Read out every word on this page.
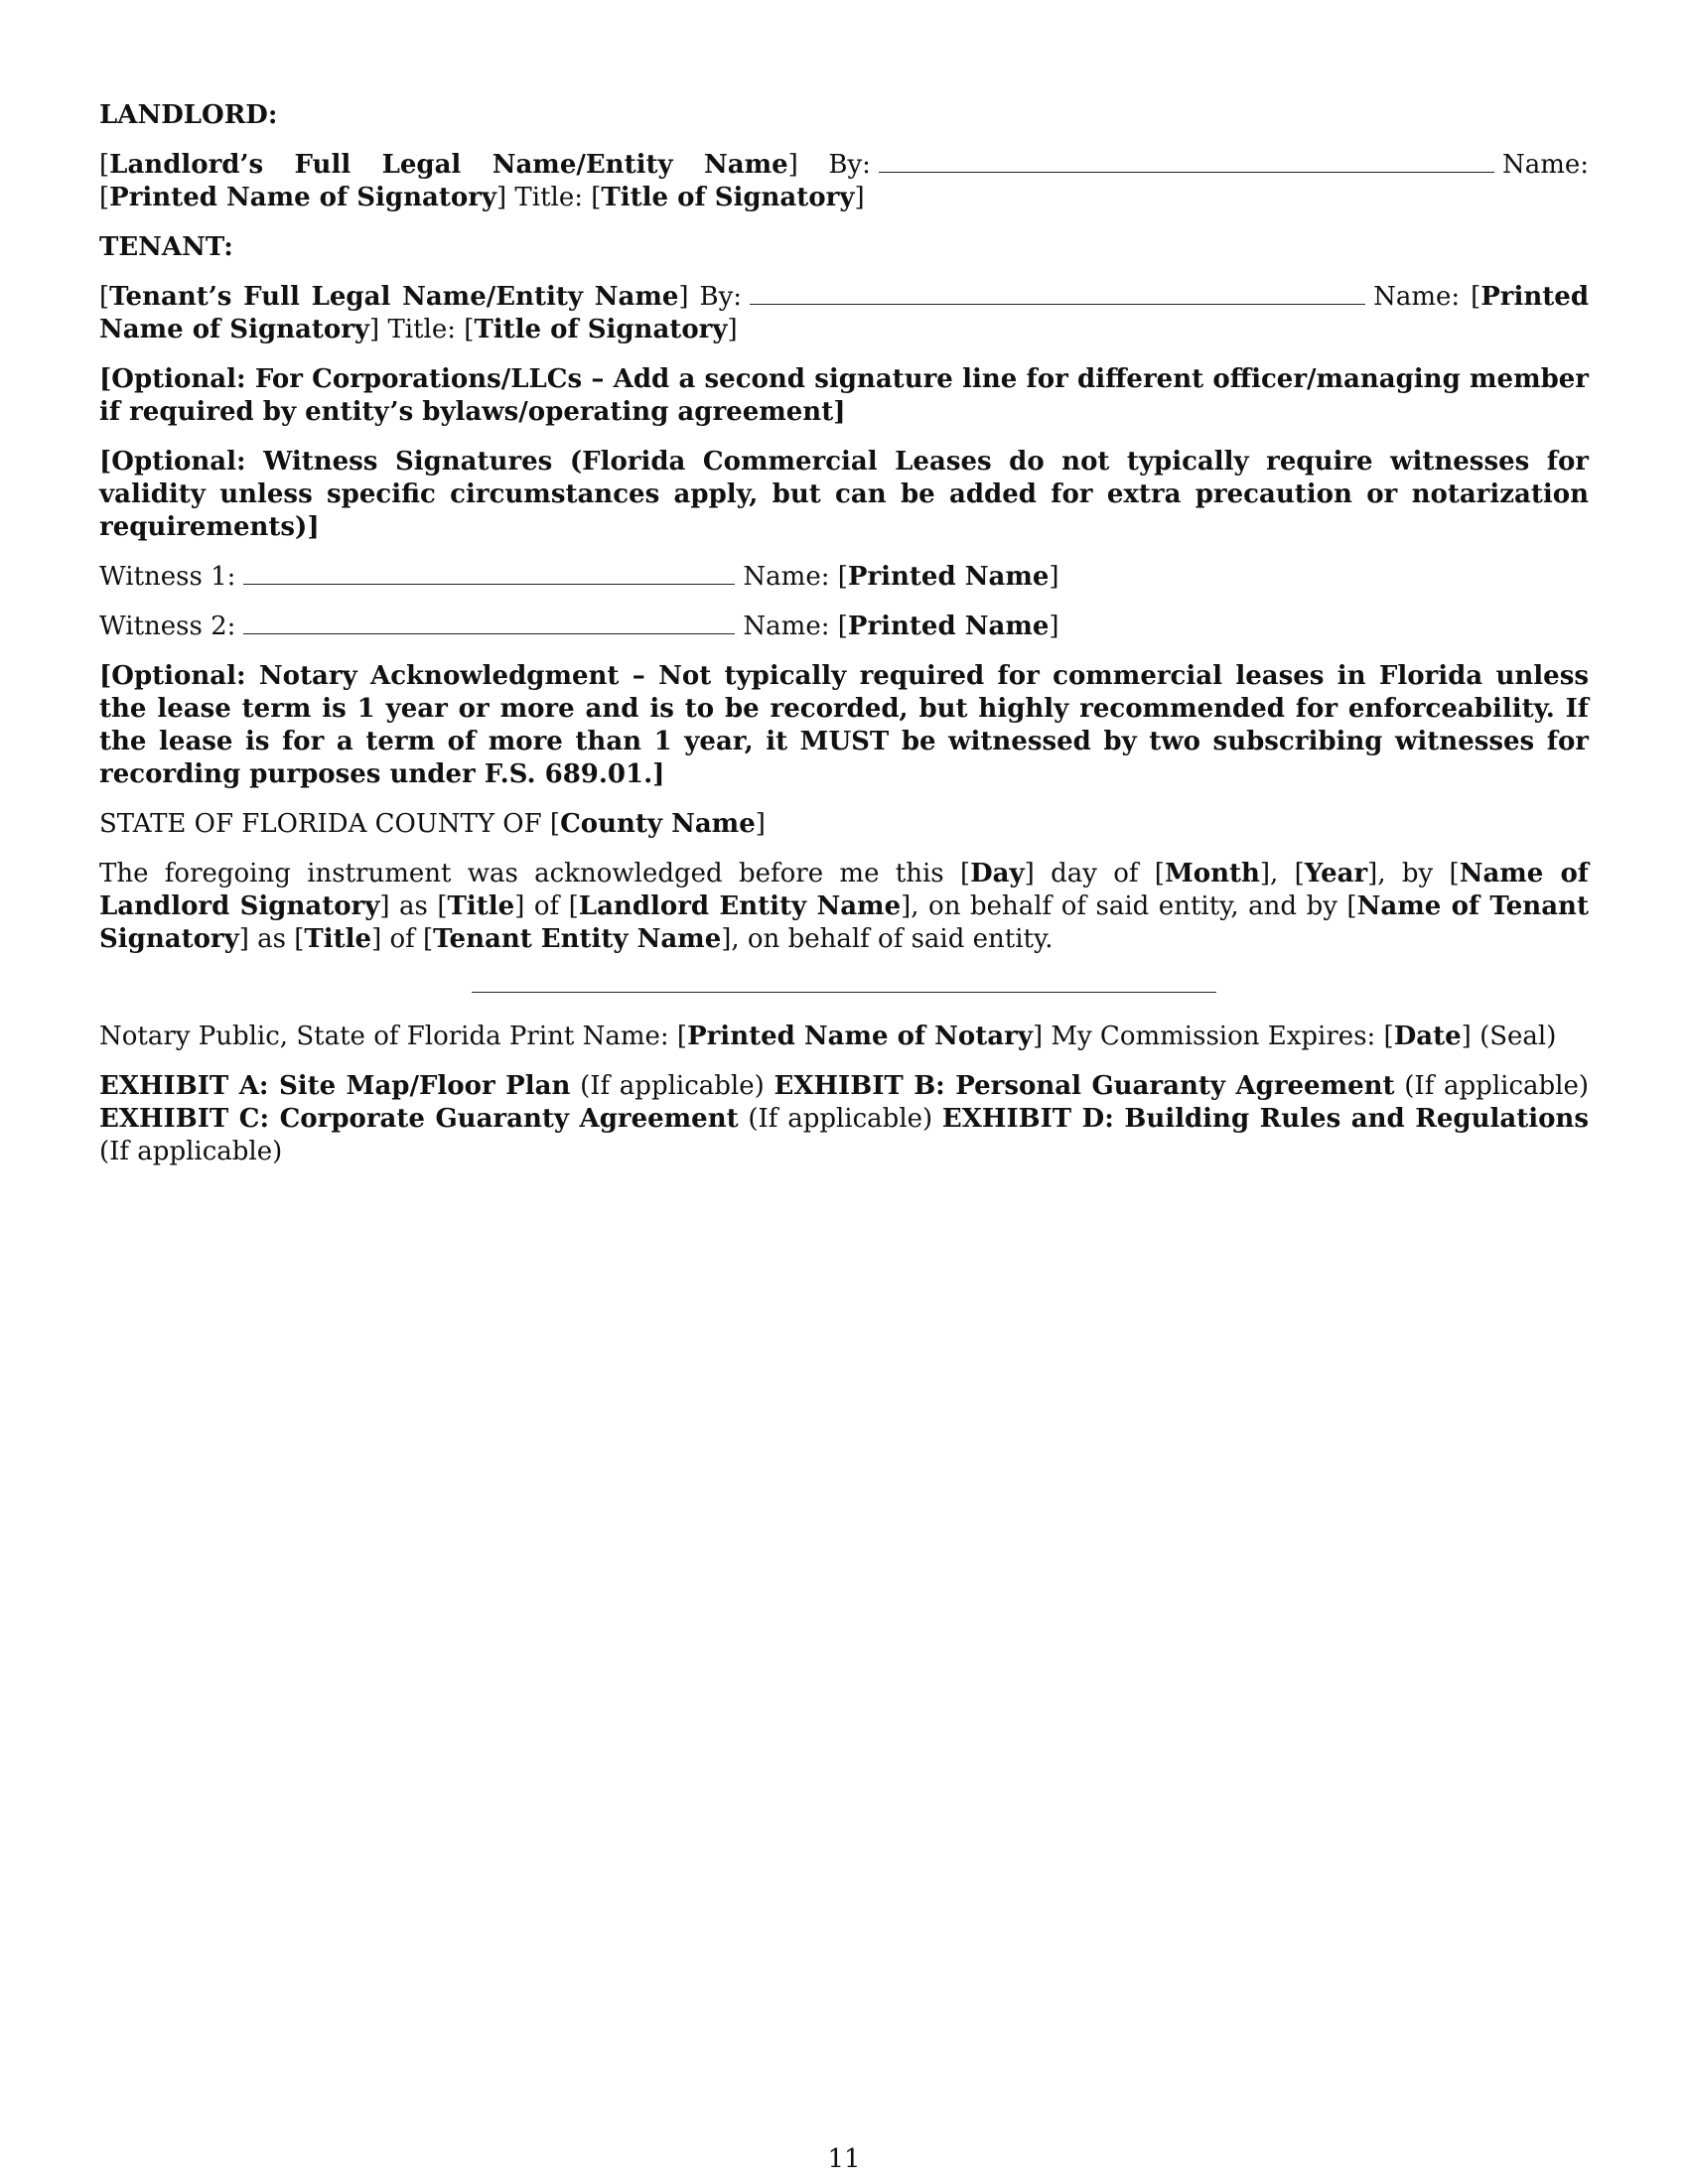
LANDLORD:

[Landlord’s Full Legal Name/Entity Name] By:	Name: [Printed Name of Signatory] Title: [Title of Signatory]

TENANT:

[Tenant’s Full Legal Name/Entity Name] By:	Name: [Printed Name of Signatory] Title: [Title of Signatory]

[Optional: For Corporations/LLCs – Add a second signature line for different officer/managing member if required by entity’s bylaws/operating agreement]

[Optional: Witness Signatures (Florida Commercial Leases do not typically require witnesses for validity unless specific circumstances apply, but can be added for extra precaution or notarization requirements)]

Witness 1:	Name: [Printed Name]

Witness 2:	Name: [Printed Name]

[Optional: Notary Acknowledgment – Not typically required for commercial leases in Florida unless the lease term is 1 year or more and is to be recorded, but highly recommended for enforceability. If the lease is for a term of more than 1 year, it MUST be witnessed by two subscribing witnesses for recording purposes under F.S. 689.01.]

STATE OF FLORIDA COUNTY OF [County Name]

The foregoing instrument was acknowledged before me this [Day] day of [Month], [Year], by [Name of Landlord Signatory] as [Title] of [Landlord Entity Name], on behalf of said entity, and by [Name of Tenant Signatory] as [Title] of [Tenant Entity Name], on behalf of said entity.

Notary Public, State of Florida Print Name: [Printed Name of Notary] My Commission Expires: [Date] (Seal)

EXHIBIT A: Site Map/Floor Plan (If applicable) EXHIBIT B: Personal Guaranty Agreement (If applicable) EXHIBIT C: Corporate Guaranty Agreement (If applicable) EXHIBIT D: Building Rules and Regulations (If applicable)

11
